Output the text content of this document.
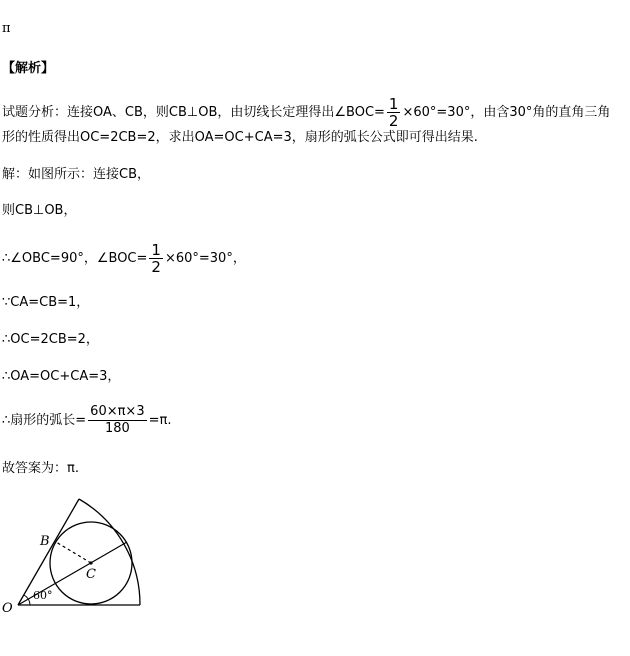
π
【解析】
试题分析：连接OA、CB，则CB⊥OB，由切线长定理得出∠BOC= $\frac{1}{2} \times 60^\circ=30^\circ$，由含30°角的直角三角
形的性质得出OC=2CB=2，求出OA=OC+CA=3，扇形的弧长公式即可得出结果.
解：如图所示：连接CB，
则CB⊥OB，
∴∠OBC=90°，∠BOC= $\frac{1}{2} \times 60^\circ=30^\circ$，
∵CA=CB=1，
∴OC=2CB=2，
∴OA=OC+CA=3，
∴扇形的弧长= $\frac{60\times\pi\times 3}{180} =\pi$.
故答案为：π.
B
C
O
60°
